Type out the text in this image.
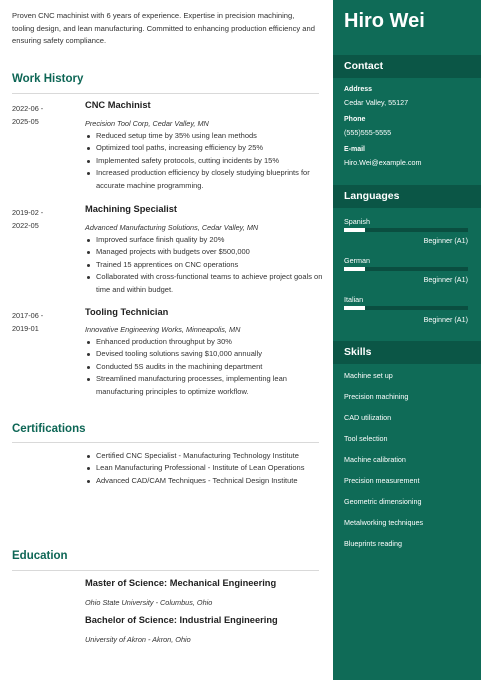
Proven CNC machinist with 6 years of experience. Expertise in precision machining, tooling design, and lean manufacturing. Committed to enhancing production efficiency and ensuring safety compliance.

Work History
2022-06 -
2025-05
CNC Machinist
Precision Tool Corp, Cedar Valley, MN
Reduced setup time by 35% using lean methods
Optimized tool paths, increasing efficiency by 25%
Implemented safety protocols, cutting incidents by 15%
Increased production efficiency by closely studying blueprints for accurate machine programming.
2019-02 -
2022-05
Machining Specialist
Advanced Manufacturing Solutions, Cedar Valley, MN
Improved surface finish quality by 20%
Managed projects with budgets over $500,000
Trained 15 apprentices on CNC operations
Collaborated with cross-functional teams to achieve project goals on time and within budget.
2017-06 -
2019-01
Tooling Technician
Innovative Engineering Works, Minneapolis, MN
Enhanced production throughput by 30%
Devised tooling solutions saving $10,000 annually
Conducted 5S audits in the machining department
Streamlined manufacturing processes, implementing lean manufacturing principles to optimize workflow.
Certifications
Certified CNC Specialist - Manufacturing Technology Institute
Lean Manufacturing Professional - Institute of Lean Operations
Advanced CAD/CAM Techniques - Technical Design Institute
Education
Master of Science: Mechanical Engineering
Ohio State University - Columbus, Ohio
Bachelor of Science: Industrial Engineering
University of Akron - Akron, Ohio
Hiro Wei
Contact
Address
Cedar Valley, 55127
Phone
(555)555-5555
E-mail
Hiro.Wei@example.com
Languages
Spanish
Beginner (A1)
German
Beginner (A1)
Italian
Beginner (A1)
Skills
Machine set up
Precision machining
CAD utilization
Tool selection
Machine calibration
Precision measurement
Geometric dimensioning
Metalworking techniques
Blueprints reading
